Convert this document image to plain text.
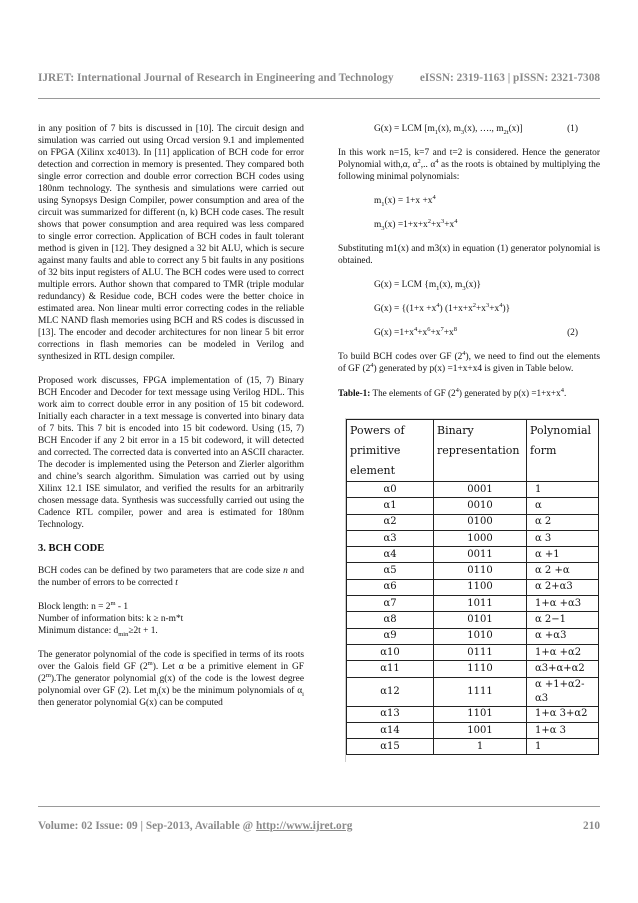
IJRET: International Journal of Research in Engineering and Technology eISSN: 2319-1163 | pISSN: 2321-7308

in any position of 7 bits is discussed in [10]. The circuit design and simulation was carried out using Orcad version 9.1 and implemented on FPGA (Xilinx xc4013). In [11] application of BCH code for error detection and correction in memory is presented. They compared both single error correction and double error correction BCH codes using 180nm technology. The synthesis and simulations were carried out using Synopsys Design Compiler, power consumption and area of the circuit was summarized for different (n, k) BCH code cases. The result shows that power consumption and area required was less compared to single error correction. Application of BCH codes in fault tolerant method is given in [12]. They designed a 32 bit ALU, which is secure against many faults and able to correct any 5 bit faults in any positions of 32 bits input registers of ALU. The BCH codes were used to correct multiple errors. Author shown that compared to TMR (triple modular redundancy) & Residue code, BCH codes were the better choice in estimated area. Non linear multi error correcting codes in the reliable MLC NAND flash memories using BCH and RS codes is discussed in [13]. The encoder and decoder architectures for non linear 5 bit error corrections in flash memories can be modeled in Verilog and synthesized in RTL design compiler.

Proposed work discusses, FPGA implementation of (15, 7) Binary BCH Encoder and Decoder for text message using Verilog HDL. This work aim to correct double error in any position of 15 bit codeword. Initially each character in a text message is converted into binary data of 7 bits. This 7 bit is encoded into 15 bit codeword. Using (15, 7) BCH Encoder if any 2 bit error in a 15 bit codeword, it will detected and corrected. The corrected data is converted into an ASCII character. The decoder is implemented using the Peterson and Zierler algorithm and chine’s search algorithm. Simulation was carried out by using Xilinx 12.1 ISE simulator, and verified the results for an arbitrarily chosen message data. Synthesis was successfully carried out using the Cadence RTL compiler, power and area is estimated for 180nm Technology.

3. BCH CODE

BCH codes can be defined by two parameters that are code size n and the number of errors to be corrected t

Block length: $n = 2^m - 1$

Number of information bits: k ≥ n-m*t

Minimum distance: $d_{min}\ge 2t + 1$.

The generator polynomial of the code is specified in terms of its roots over the Galois field GF (2$^m$). Let α be a primitive element in GF (2$^m$).The generator polynomial g(x) of the code is the lowest degree polynomial over GF (2). Let $m_i(x)$ be the minimum polynomials of $\alpha_i$ then generator polynomial G(x) can be computed

G(x) = LCM [$m_1(x)$, $m_3(x)$, …., $m_{2t}(x)$]	(1)

In this work n=15, k=7 and t=2 is considered. Hence the generator Polynomial with,α, $\alpha^2$,.. $\alpha^4$ as the roots is obtained by multiplying the following minimal polynomials:

$m_1(x) = 1+x +x^4$

$m_3(x) =1+x+x^2+x^3+x^4$

Substituting m1(x) and m3(x) in equation (1) generator polynomial is obtained.

G(x) = LCM {$m_1(x)$, $m_3(x)$}

$G(x) = \{(1+x +x^4)$ $(1+x+x^2+x^3+x^4)$}

$G(x) =1+x^4+x^6+x^7+x^8$	(2)

To build BCH codes over GF $(2^4)$, we need to find out the elements of GF $(2^4)$ generated by p(x) =1+x+x4 is given in Table below.

Table-1: The elements of GF $(2^4)$ generated by $p(x) =1+x+x^4$.
Powers of primitive element	Binary representation	Polynomial form
α0	0001	1
α1	0010	α
α2	0100	α 2
α3	1000	α 3
α4	0011	α +1
α5	0110	α 2 +α
α6	1100	α 2+α3
α7	1011	1+α +α3
α8	0101	α 2−1
α9	1010	α +α3
α10	0111	1+α +α2
α11	1110	α3+α+α2
α12	1111	α +1+α2-α3
α13	1101	1+α 3+α2
α14	1001	1+α 3
α15	1	1
Volume: 02 Issue: 09 | Sep-2013, Available @ http://www.ijret.org	210
